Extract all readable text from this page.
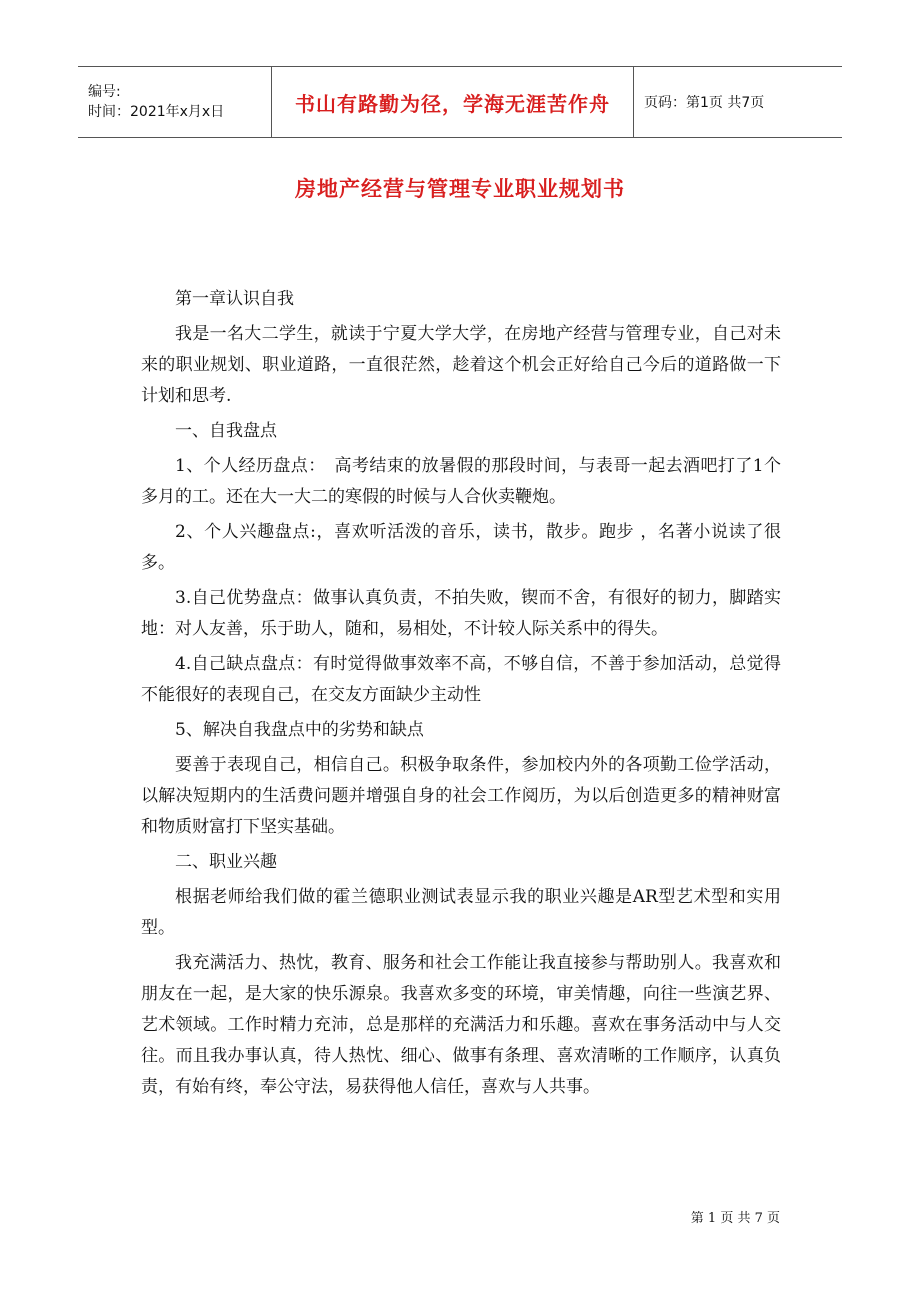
编号:
时间：2021年x月x日	书山有路勤为径，学海无涯苦作舟 页码：第1页 共7页
房地产经营与管理专业职业规划书

第一章认识自我

我是一名大二学生，就读于宁夏大学大学，在房地产经营与管理专业，自己对未来的职业规划、职业道路，一直很茫然，趁着这个机会正好给自己今后的道路做一下计划和思考.

一、自我盘点

1、个人经历盘点：　高考结束的放暑假的那段时间，与表哥一起去酒吧打了1个多月的工。还在大一大二的寒假的时候与人合伙卖鞭炮。

2、个人兴趣盘点:，喜欢听活泼的音乐，读书，散步。跑步 ，名著小说读了很多。

3.自己优势盘点：做事认真负责，不拍失败，锲而不舍，有很好的韧力，脚踏实地：对人友善，乐于助人，随和，易相处，不计较人际关系中的得失。

4.自己缺点盘点：有时觉得做事效率不高，不够自信，不善于参加活动，总觉得不能很好的表现自己，在交友方面缺少主动性

5、解决自我盘点中的劣势和缺点

要善于表现自己，相信自己。积极争取条件，参加校内外的各项勤工俭学活动，以解决短期内的生活费问题并增强自身的社会工作阅历，为以后创造更多的精神财富和物质财富打下坚实基础。

二、职业兴趣

根据老师给我们做的霍兰德职业测试表显示我的职业兴趣是AR型艺术型和实用型。

我充满活力、热忱，教育、服务和社会工作能让我直接参与帮助别人。我喜欢和朋友在一起，是大家的快乐源泉。我喜欢多变的环境，审美情趣，向往一些演艺界、艺术领域。工作时精力充沛，总是那样的充满活力和乐趣。喜欢在事务活动中与人交往。而且我办事认真，待人热忱、细心、做事有条理、喜欢清晰的工作顺序，认真负责，有始有终，奉公守法，易获得他人信任，喜欢与人共事。

第 1 页 共 7 页
